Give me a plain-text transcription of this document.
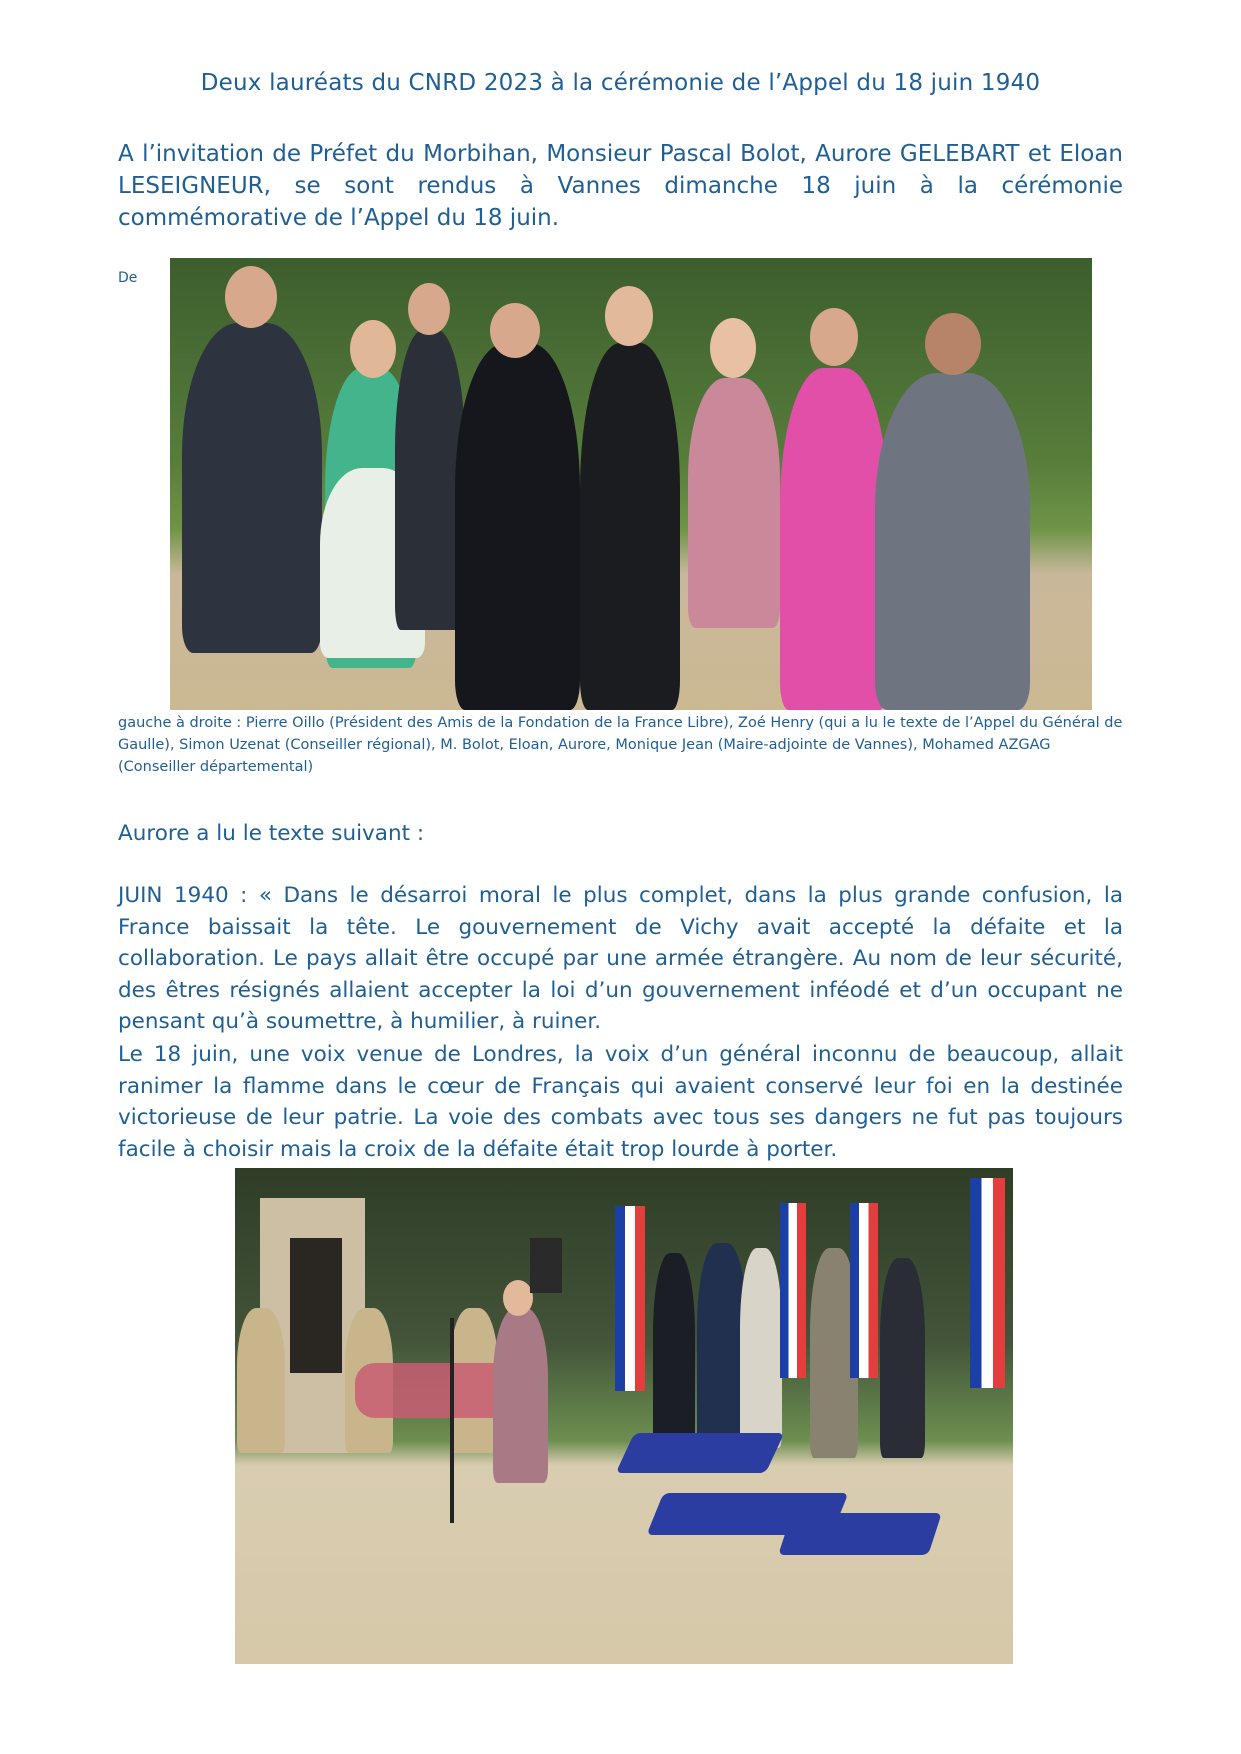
Deux lauréats du CNRD 2023 à la cérémonie de l’Appel du 18 juin 1940
A l’invitation de Préfet du Morbihan, Monsieur Pascal Bolot, Aurore GELEBART et Eloan LESEIGNEUR, se sont rendus à Vannes dimanche 18 juin à la cérémonie commémorative de l’Appel du 18 juin.
De
gauche à droite : Pierre Oillo (Président des Amis de la Fondation de la France Libre), Zoé Henry (qui a lu le texte de l’Appel du Général de Gaulle), Simon Uzenat (Conseiller régional), M. Bolot, Eloan, Aurore, Monique Jean (Maire-adjointe de Vannes), Mohamed AZGAG (Conseiller départemental)
Aurore a lu le texte suivant :
JUIN 1940 : « Dans le désarroi moral le plus complet, dans la plus grande confusion, la France baissait la tête. Le gouvernement de Vichy avait accepté la défaite et la collaboration. Le pays allait être occupé par une armée étrangère. Au nom de leur sécurité, des êtres résignés allaient accepter la loi d’un gouvernement inféodé et d’un occupant ne pensant qu’à soumettre, à humilier, à ruiner.
Le 18 juin, une voix venue de Londres, la voix d’un général inconnu de beaucoup, allait ranimer la flamme dans le cœur de Français qui avaient conservé leur foi en la destinée victorieuse de leur patrie. La voie des combats avec tous ses dangers ne fut pas toujours facile à choisir mais la croix de la défaite était trop lourde à porter.
